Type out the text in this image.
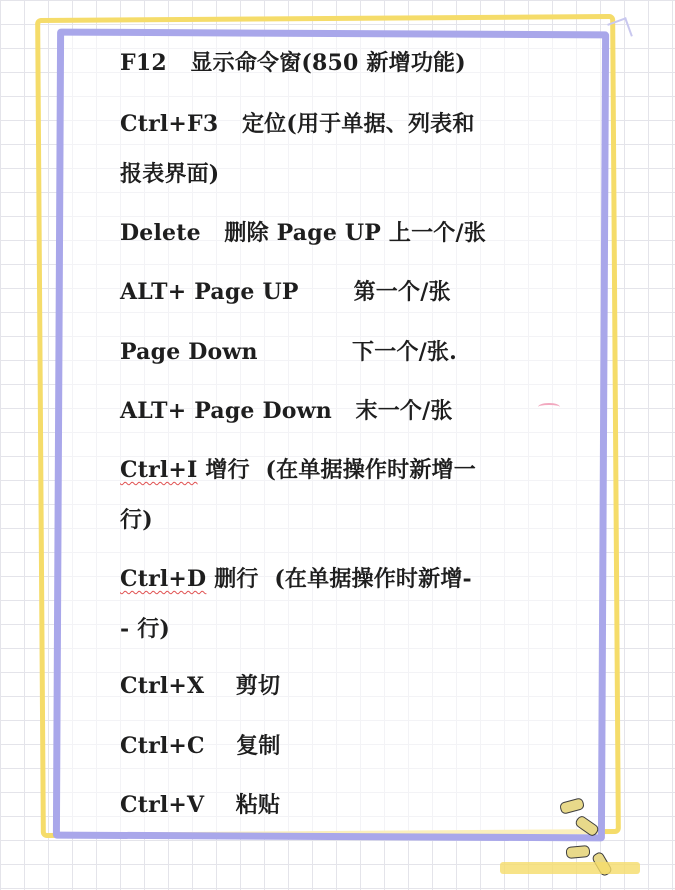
F12 显示命令窗(850 新增功能)
Ctrl+F3 定位(用于单据、列表和
报表界面)
Delete 删除 Page UP 上一个/张
ALT+ Page UP	第一个/张
Page Down	下一个/张.
ALT+ Page Down 末一个/张
Ctrl+I 增行  (在单据操作时新增一
行)
Ctrl+D 删行  (在单据操作时新增-
- 行)
Ctrl+X 剪切
Ctrl+C 复制
Ctrl+V 粘贴
